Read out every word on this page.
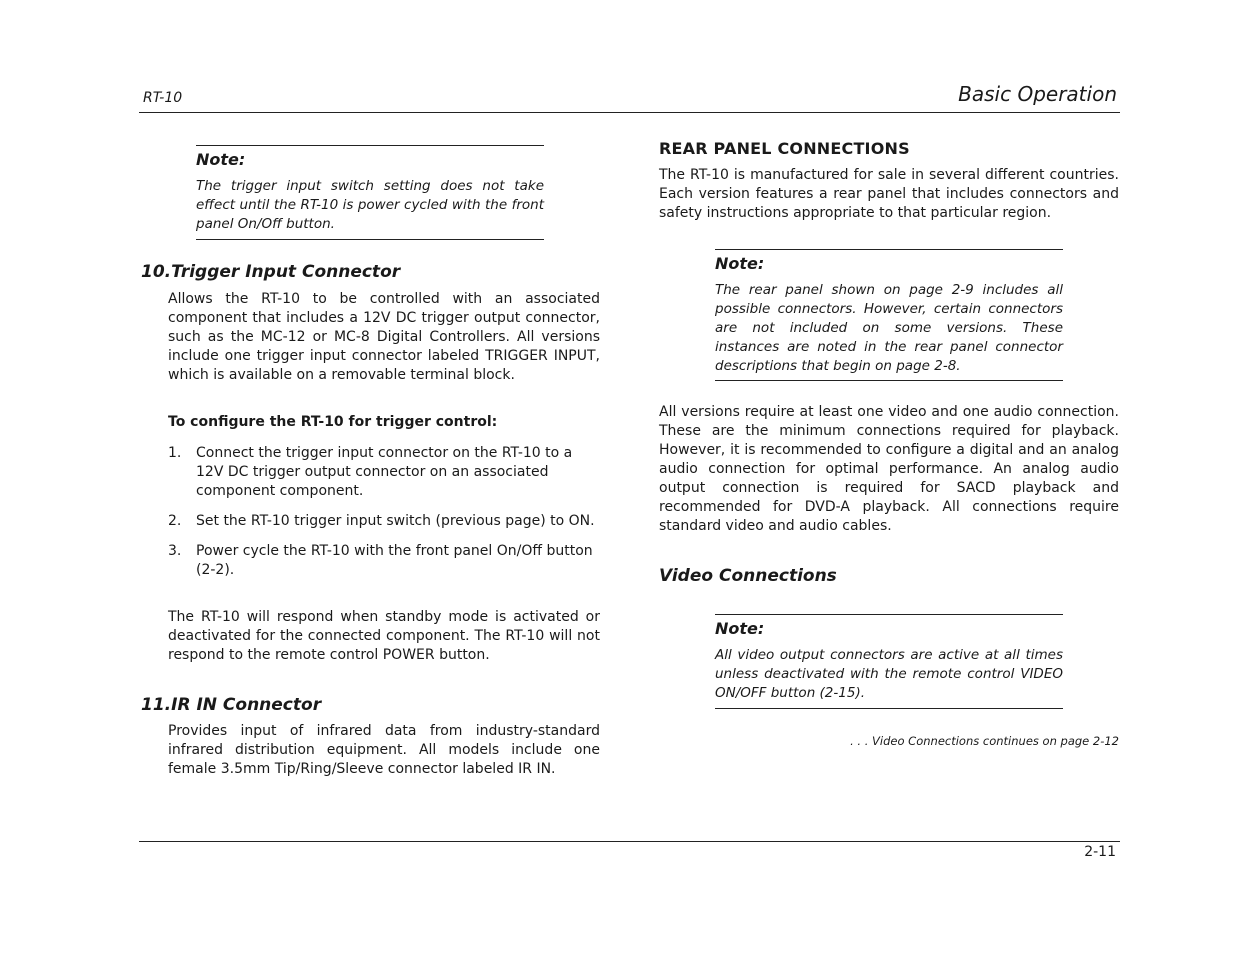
RT-10	Basic Operation
Note:
The trigger input switch setting does not take effect until the RT-10 is power cycled with the front panel On/Off button.
10.Trigger Input Connector
Allows the RT-10 to be controlled with an associated component that includes a 12V DC trigger output connector, such as the MC-12 or MC-8 Digital Controllers. All versions include one trigger input connector labeled TRIGGER INPUT, which is available on a removable terminal block.
To configure the RT-10 for trigger control:
1.	Connect the trigger input connector on the RT-10 to a 12V DC trigger output connector on an associated component component.
2.	Set the RT-10 trigger input switch (previous page) to ON.
3.	Power cycle the RT-10 with the front panel On/Off button (2-2).
The RT-10 will respond when standby mode is activated or deactivated for the connected component. The RT-10 will not respond to the remote control POWER button.
11.IR IN Connector
Provides input of infrared data from industry-standard infrared distribution equipment. All models include one female 3.5mm Tip/Ring/Sleeve connector labeled IR IN.
REAR PANEL CONNECTIONS
The RT-10 is manufactured for sale in several different countries. Each version features a rear panel that includes connectors and safety instructions appropriate to that particular region.
Note:
The rear panel shown on page 2-9 includes all possible connectors. However, certain connectors are not included on some versions. These instances are noted in the rear panel connector descriptions that begin on page 2-8.
All versions require at least one video and one audio connection. These are the minimum connections required for playback. However, it is recommended to configure a digital and an analog audio connection for optimal performance. An analog audio output connection is required for SACD playback and recommended for DVD-A playback. All connections require standard video and audio cables.
Video Connections
Note:
All video output connectors are active at all times unless deactivated with the remote control VIDEO ON/OFF button (2-15).
. . . Video Connections continues on page 2-12
2-11
